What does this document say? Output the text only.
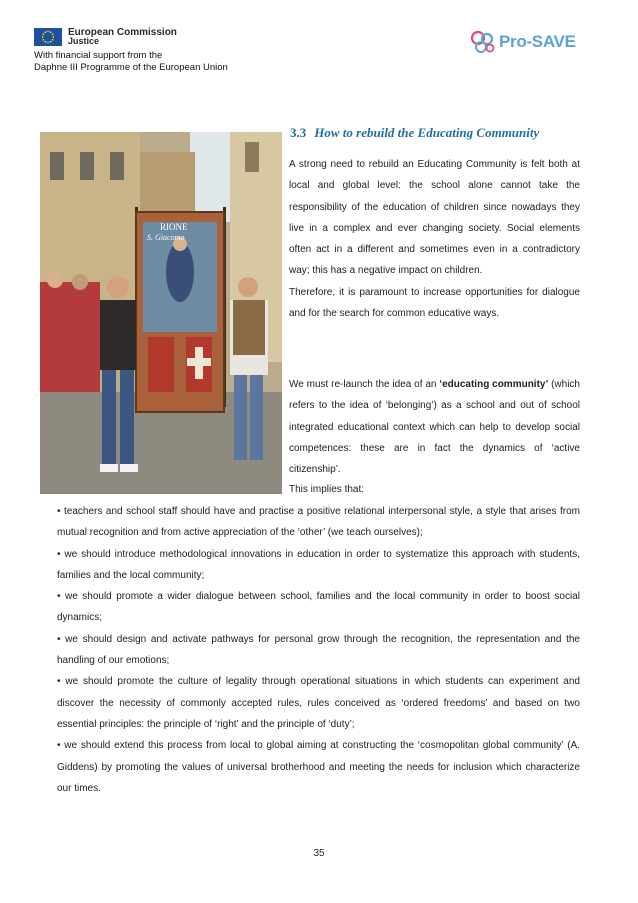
European Commission
Justice
With financial support from the
Daphne III Programme of the European Union
Pro-SAVE
RIONE
S. Giacomo
3.3 How to rebuild the Educating Community
A strong need to rebuild an Educating Community is felt both at local and global level: the school alone cannot take the responsibility of the education of children since nowadays they live in a complex and ever changing society. Social elements often act in a different and sometimes even in a contradictory way; this has a negative impact on children.
Therefore, it is paramount to increase opportunities for dialogue and for the search for common educative ways.
We must re-launch the idea of an ‘educating community’ (which refers to the idea of ‘belonging’) as a school and out of school integrated educational context which can help to develop social competences: these are in fact the dynamics of ‘active citizenship’.
This implies that:

• teachers and school staff should have and practise a positive relational interpersonal style, a style that arises from mutual recognition and from active appreciation of the ‘other’ (we teach ourselves);

• we should introduce methodological innovations in education in order to systematize this approach with students, families and the local community;

• we should promote a wider dialogue between school, families and the local community in order to boost social dynamics;

• we should design and activate pathways for personal grow through the recognition, the representation and the handling of our emotions;

• we should promote the culture of legality through operational situations in which students can experiment and discover the necessity of commonly accepted rules, rules conceived as ‘ordered freedoms’ and based on two essential principles: the principle of ‘right’ and the principle of ‘duty’;

• we should extend this process from local to global aiming at constructing the ‘cosmopolitan global community’ (A. Giddens) by promoting the values of universal brotherhood and meeting the needs for inclusion which characterize our times.

35
